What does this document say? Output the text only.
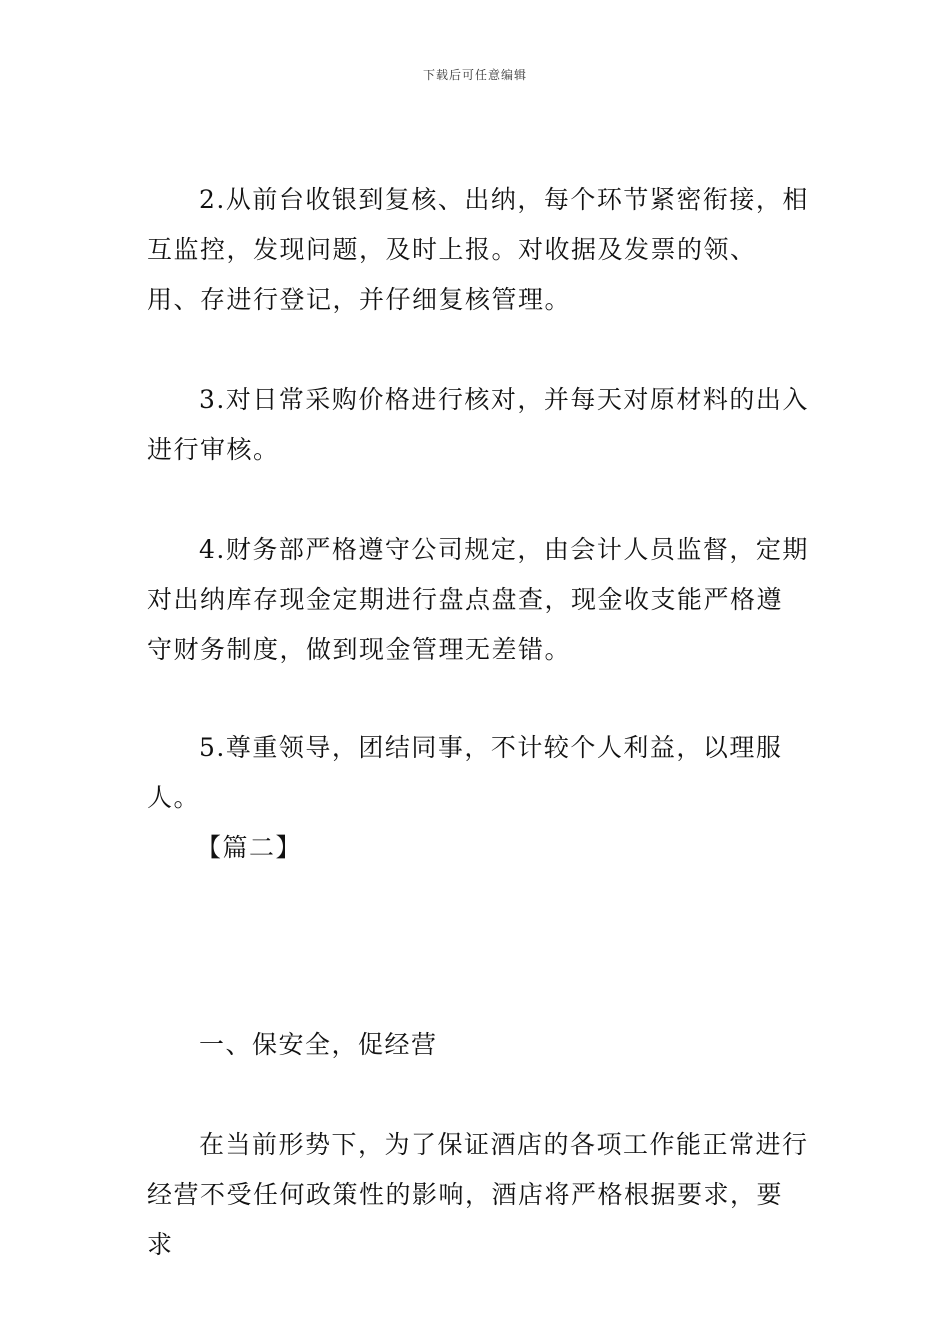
下载后可任意编辑

2.从前台收银到复核、出纳，每个环节紧密衔接，相互监控，发现问题，及时上报。对收据及发票的领、用、存进行登记，并仔细复核管理。

3.对日常采购价格进行核对，并每天对原材料的出入进行审核。

4.财务部严格遵守公司规定，由会计人员监督，定期对出纳库存现金定期进行盘点盘查，现金收支能严格遵守财务制度，做到现金管理无差错。

5.尊重领导，团结同事，不计较个人利益，以理服人。

【篇二】

一、保安全，促经营

在当前形势下，为了保证酒店的各项工作能正常进行经营不受任何政策性的影响，酒店将严格根据要求，要求
